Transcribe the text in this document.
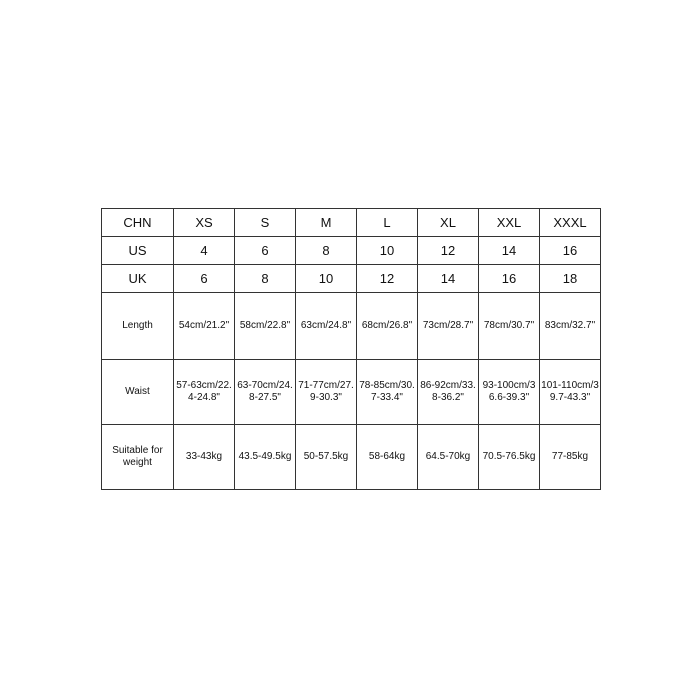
CHN	XS	S	M	L	XL	XXL	XXXL
US	4	6	8	10	12	14	16
UK	6	8	10	12	14	16	18
Length	54cm/21.2"	58cm/22.8"	63cm/24.8"	68cm/26.8"	73cm/28.7"	78cm/30.7"	83cm/32.7"
Waist	57-63cm/22.4-24.8"	63-70cm/24.8-27.5"	71-77cm/27.9-30.3"	78-85cm/30.7-33.4"	86-92cm/33.8-36.2"	93-100cm/36.6-39.3"	101-110cm/39.7-43.3"

Suitable for weight	33-43kg	43.5-49.5kg	50-57.5kg	58-64kg	64.5-70kg	70.5-76.5kg	77-85kg
